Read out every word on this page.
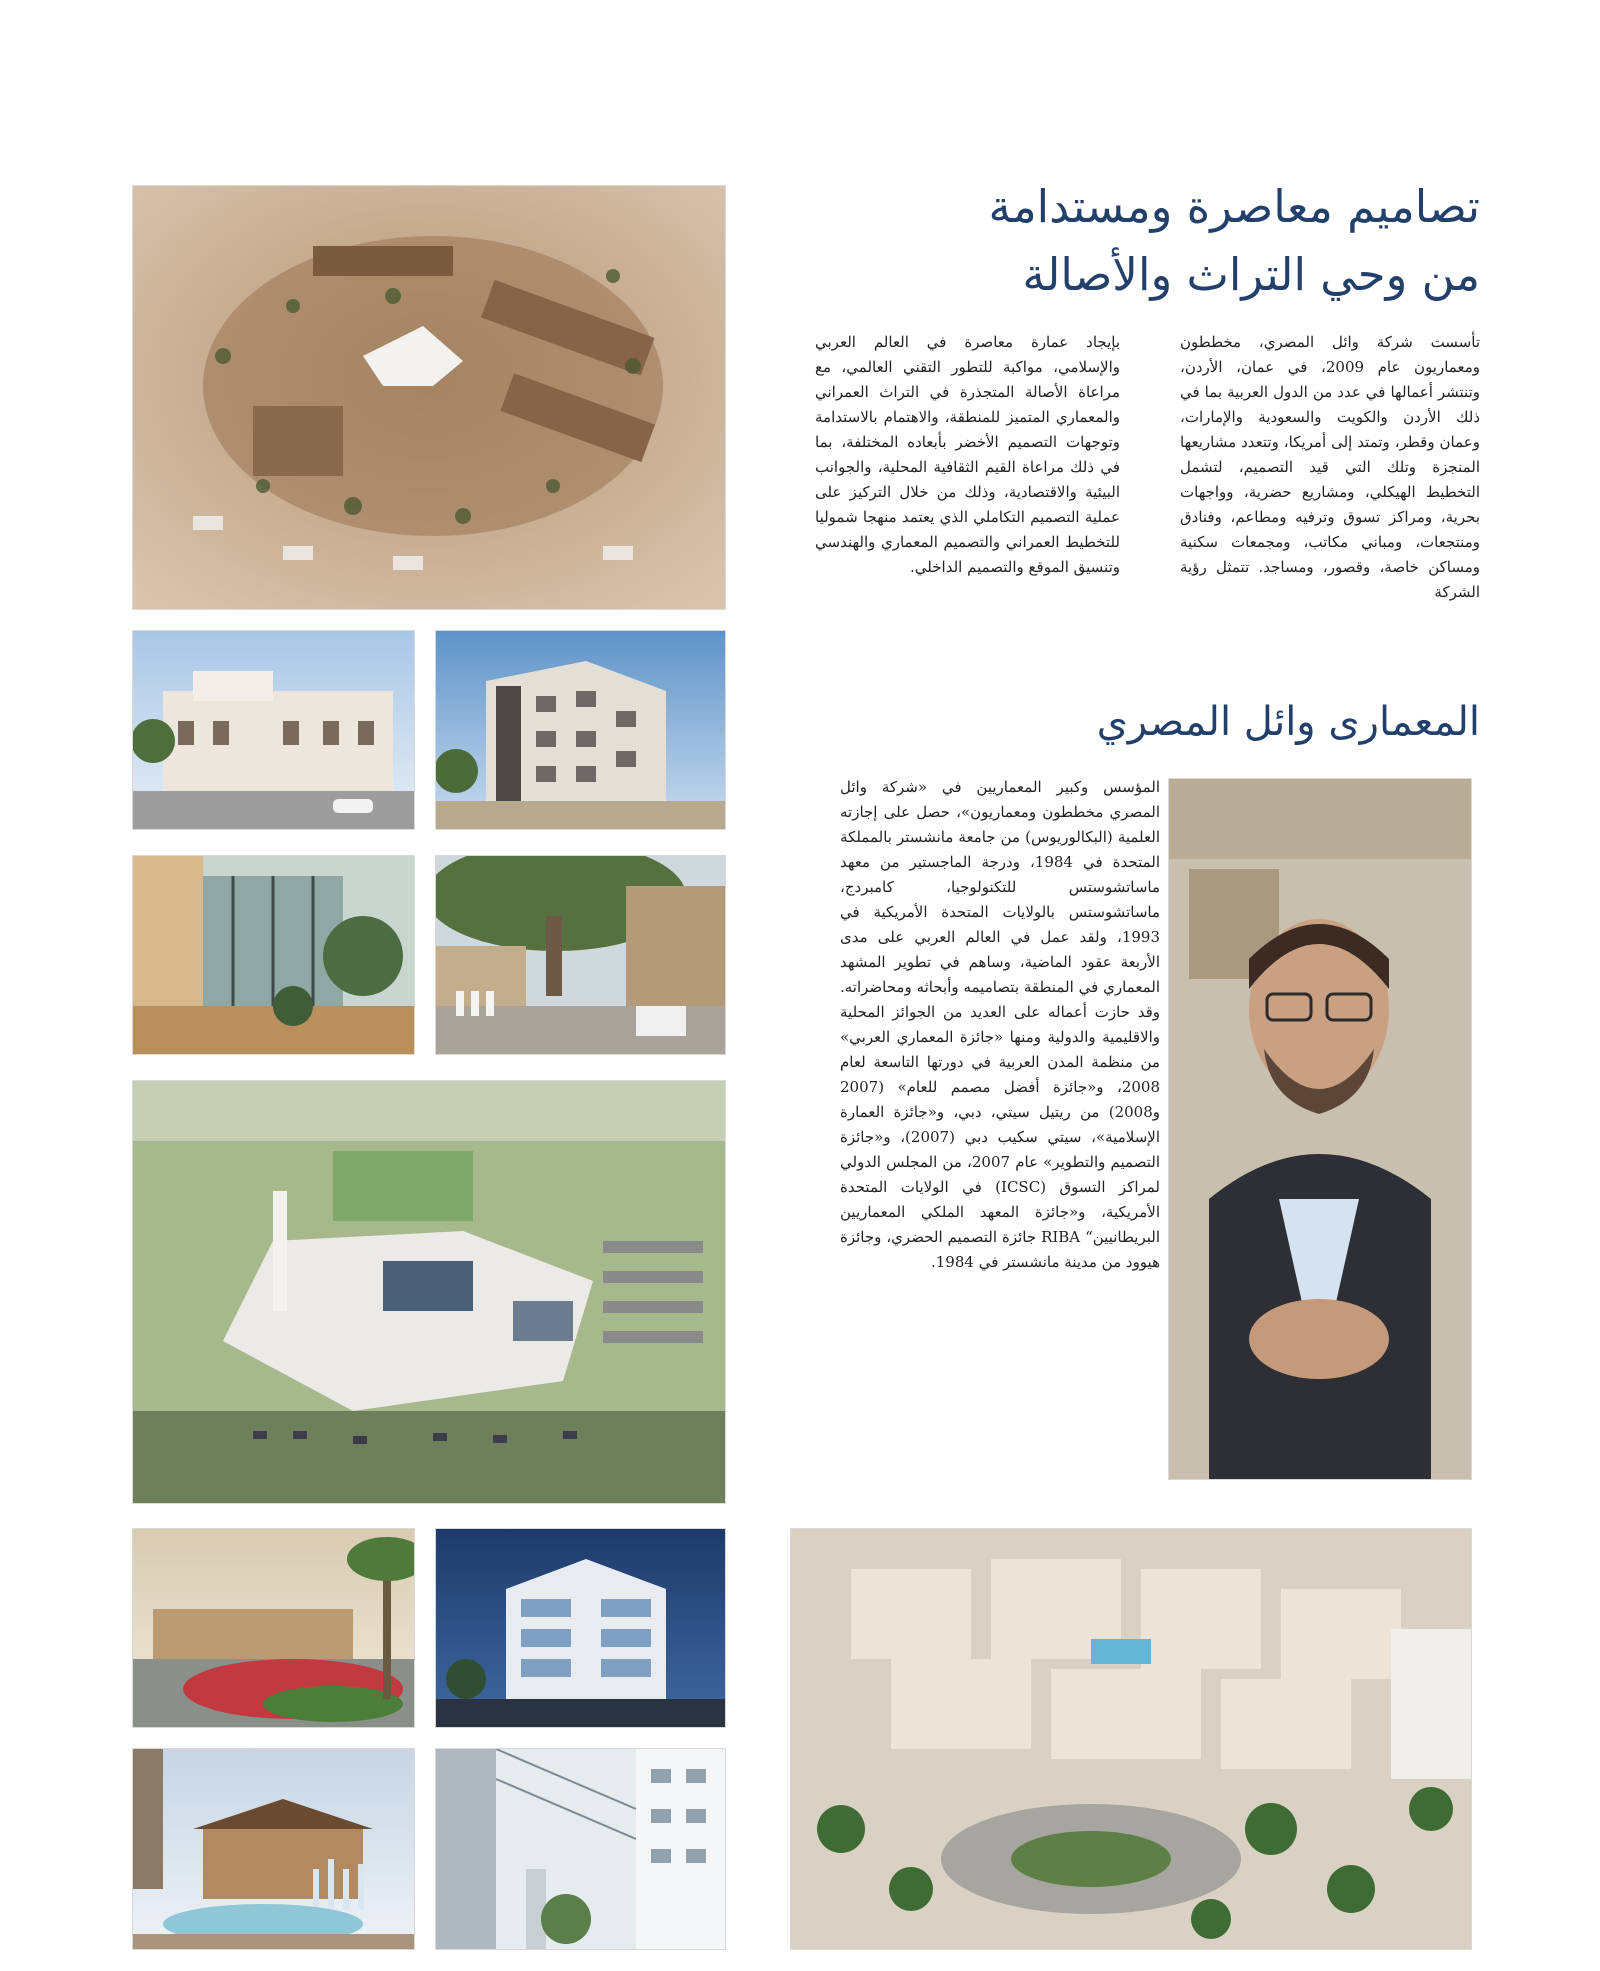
تصاميم معاصرة ومستدامة
من وحي التراث والأصالة

تأسست شركة وائل المصري، مخططون ومعماريون عام 2009، في عمان، الأردن، وتنتشر أعمالها في عدد من الدول العربية بما في ذلك الأردن والكويت والسعودية والإمارات، وعمان وقطر، وتمتد إلى أمريكا، وتتعدد مشاريعها المنجزة وتلك التي قيد التصميم، لتشمل التخطيط الهيكلي، ومشاريع حضرية، وواجهات بحرية، ومراكز تسوق وترفيه ومطاعم، وفنادق ومنتجعات، ومباني مكاتب، ومجمعات سكنية ومساكن خاصة، وقصور، ومساجد. تتمثل رؤية الشركة

بإيجاد عمارة معاصرة في العالم العربي والإسلامي، مواكبة للتطور التقني العالمي، مع مراعاة الأصالة المتجذرة في التراث العمراني والمعماري المتميز للمنطقة، والاهتمام بالاستدامة وتوجهات التصميم الأخضر بأبعاده المختلفة، بما في ذلك مراعاة القيم الثقافية المحلية، والجوانب البيئية والاقتصادية، وذلك من خلال التركيز على عملية التصميم التكاملي الذي يعتمد منهجا شموليا للتخطيط العمراني والتصميم المعماري والهندسي وتنسيق الموقع والتصميم الداخلي.

المعمارى وائل المصري

المؤسس وكبير المعماريين في «شركة وائل المصري مخططون ومعماريون»، حصل على إجازته العلمية (البكالوريوس) من جامعة مانشستر بالمملكة المتحدة في 1984، ودرجة الماجستير من معهد ماساتشوستس للتكنولوجيا، كامبردج، ماساتشوستس بالولايات المتحدة الأمريكية في 1993، ولقد عمل في العالم العربي على مدى الأربعة عقود الماضية، وساهم في تطوير المشهد المعماري في المنطقة بتصاميمه وأبحاثه ومحاضراته. وقد حازت أعماله على العديد من الجوائز المحلية والاقليمية والدولية ومنها «جائزة المعماري العربي» من منظمة المدن العربية في دورتها التاسعة لعام 2008، و«جائزة أفضل مصمم للعام» (2007 و2008) من ريتيل سيتي، دبي، و«جائزة العمارة الإسلامية»، سيتي سكيب دبي (2007)، و«جائزة التصميم والتطوير» عام 2007، من المجلس الدولي لمراكز التسوق (ICSC) في الولايات المتحدة الأمريكية، و«جائزة المعهد الملكي المعماريين البريطانيين“ RIBA جائزة التصميم الحضري، وجائزة هيوود من مدينة مانشستر في 1984.
